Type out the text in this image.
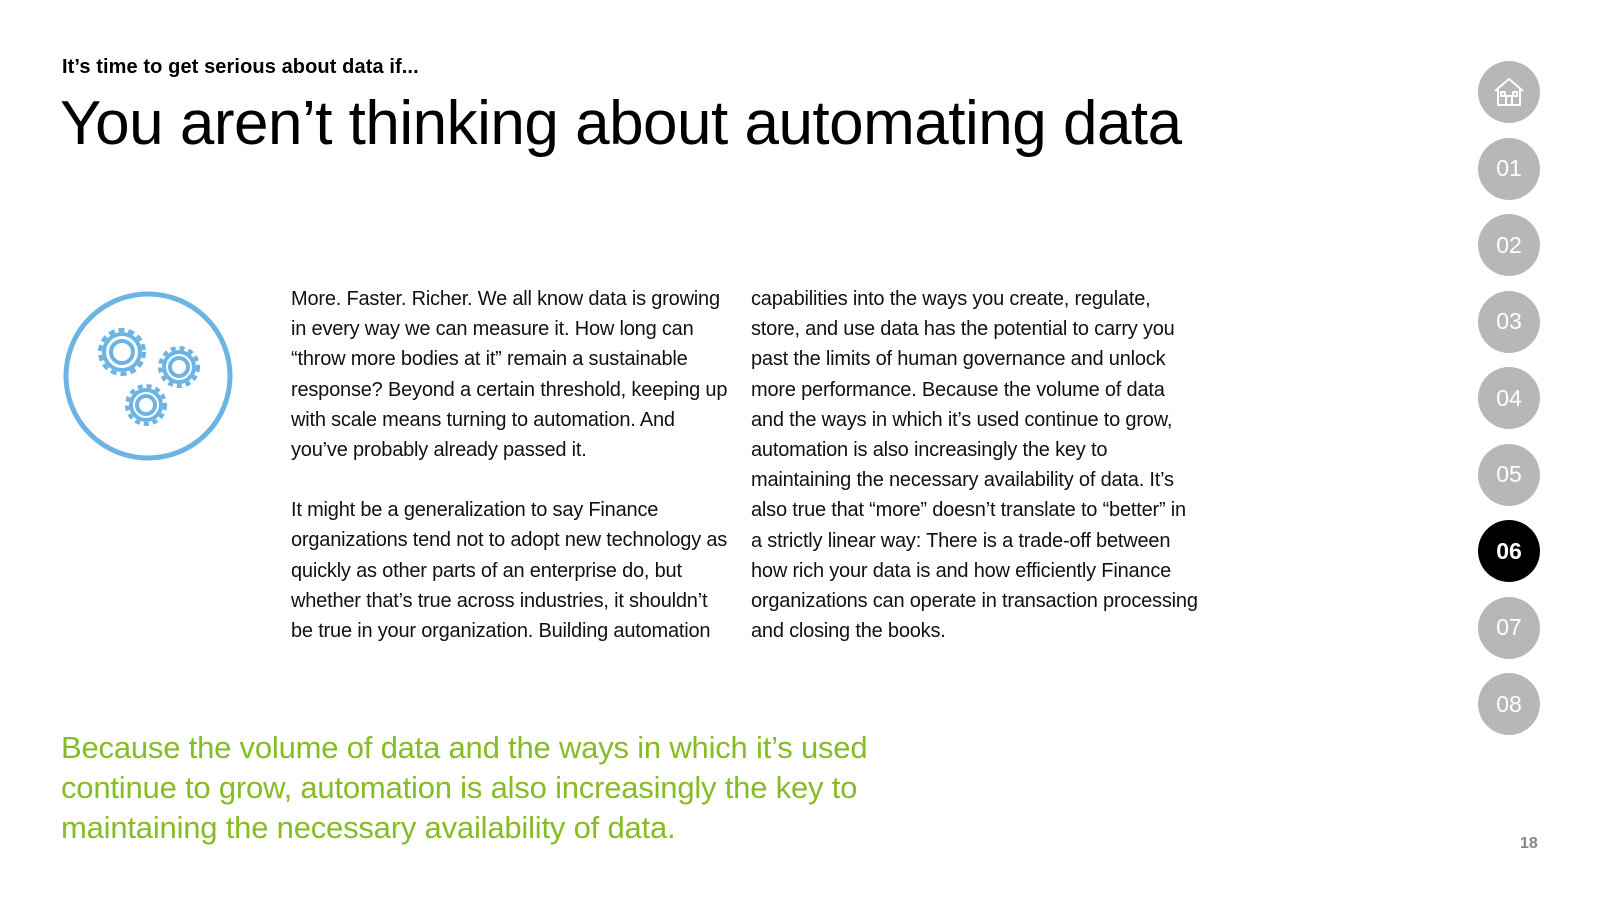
It’s time to get serious about data if...
You aren’t thinking about automating data

More. Faster. Richer. We all know data is growing in every way we can measure it. How long can “throw more bodies at it” remain a sustainable response? Beyond a certain threshold, keeping up with scale means turning to automation. And you’ve probably already passed it.

It might be a generalization to say Finance organizations tend not to adopt new technology as quickly as other parts of an enterprise do, but whether that’s true across industries, it shouldn’t be true in your organization. Building automation

capabilities into the ways you create, regulate, store, and use data has the potential to carry you past the limits of human governance and unlock more performance. Because the volume of data and the ways in which it’s used continue to grow, automation is also increasingly the key to maintaining the necessary availability of data. It’s also true that “more” doesn’t translate to “better” in a strictly linear way: There is a trade-off between how rich your data is and how efficiently Finance organizations can operate in transaction processing and closing the books.

Because the volume of data and the ways in which it’s used continue to grow, automation is also increasingly the key to maintaining the necessary availability of data.
01
02
03
04
05
06
07
08
18
